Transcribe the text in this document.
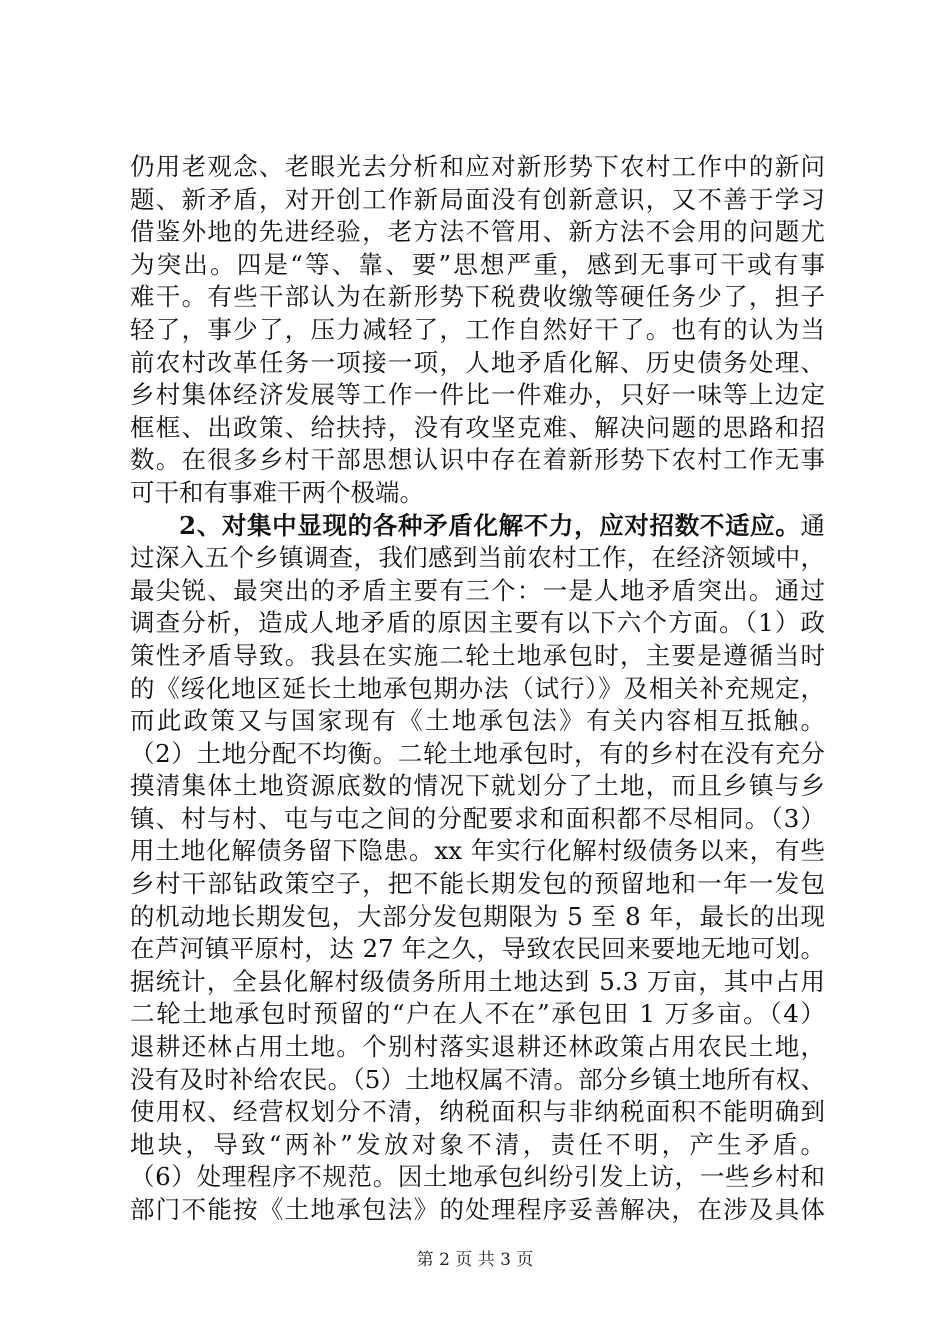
仍用老观念、老眼光去分析和应对新形势下农村工作中的新问
题、新矛盾，对开创工作新局面没有创新意识，又不善于学习
借鉴外地的先进经验，老方法不管用、新方法不会用的问题尤
为突出。四是“等、靠、要”思想严重，感到无事可干或有事
难干。有些干部认为在新形势下税费收缴等硬任务少了，担子
轻了，事少了，压力减轻了，工作自然好干了。也有的认为当
前农村改革任务一项接一项，人地矛盾化解、历史债务处理、
乡村集体经济发展等工作一件比一件难办，只好一味等上边定
框框、出政策、给扶持，没有攻坚克难、解决问题的思路和招
数。在很多乡村干部思想认识中存在着新形势下农村工作无事
可干和有事难干两个极端。
2、对集中显现的各种矛盾化解不力，应对招数不适应。通
过深入五个乡镇调查，我们感到当前农村工作，在经济领域中，
最尖锐、最突出的矛盾主要有三个：一是人地矛盾突出。通过
调查分析，造成人地矛盾的原因主要有以下六个方面。（1）政
策性矛盾导致。我县在实施二轮土地承包时，主要是遵循当时
的《绥化地区延长土地承包期办法（试行）》及相关补充规定，
而此政策又与国家现有《土地承包法》有关内容相互抵触。
（2）土地分配不均衡。二轮土地承包时，有的乡村在没有充分
摸清集体土地资源底数的情况下就划分了土地，而且乡镇与乡
镇、村与村、屯与屯之间的分配要求和面积都不尽相同。（3）
用土地化解债务留下隐患。xx 年实行化解村级债务以来，有些
乡村干部钻政策空子，把不能长期发包的预留地和一年一发包
的机动地长期发包，大部分发包期限为 5 至 8 年，最长的出现
在芦河镇平原村，达 27 年之久，导致农民回来要地无地可划。
据统计，全县化解村级债务所用土地达到 5.3 万亩，其中占用
二轮土地承包时预留的“户在人不在”承包田 1 万多亩。（4）
退耕还林占用土地。个别村落实退耕还林政策占用农民土地，
没有及时补给农民。（5）土地权属不清。部分乡镇土地所有权、
使用权、经营权划分不清，纳税面积与非纳税面积不能明确到
地块，导致“两补”发放对象不清，责任不明，产生矛盾。
（6）处理程序不规范。因土地承包纠纷引发上访，一些乡村和
部门不能按《土地承包法》的处理程序妥善解决，在涉及具体
第 2 页 共 3 页
